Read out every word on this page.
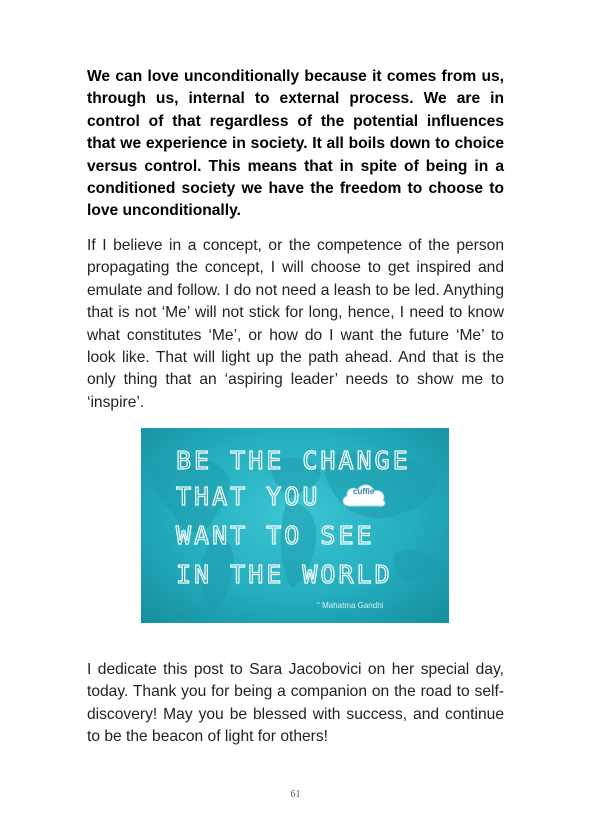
We can love unconditionally because it comes from us, through us, internal to external process. We are in control of that regardless of the potential influences that we experience in society. It all boils down to choice versus control. This means that in spite of being in a conditioned society we have the freedom to choose to love unconditionally.

If I believe in a concept, or the competence of the person propagating the concept, I will choose to get inspired and emulate and follow. I do not need a leash to be led. Anything that is not ‘Me’ will not stick for long, hence, I need to know what constitutes ‘Me’, or how do I want the future ‘Me’ to look like. That will light up the path ahead. And that is the only thing that an ‘aspiring leader’ needs to show me to ‘inspire’.

BE THE CHANGE

THAT YOU

WANT TO SEE

IN THE WORLD

cuffie

" Mahatma Gandhi

I dedicate this post to Sara Jacobovici on her special day, today. Thank you for being a companion on the road to self-discovery! May you be blessed with success, and continue to be the beacon of light for others!

61
